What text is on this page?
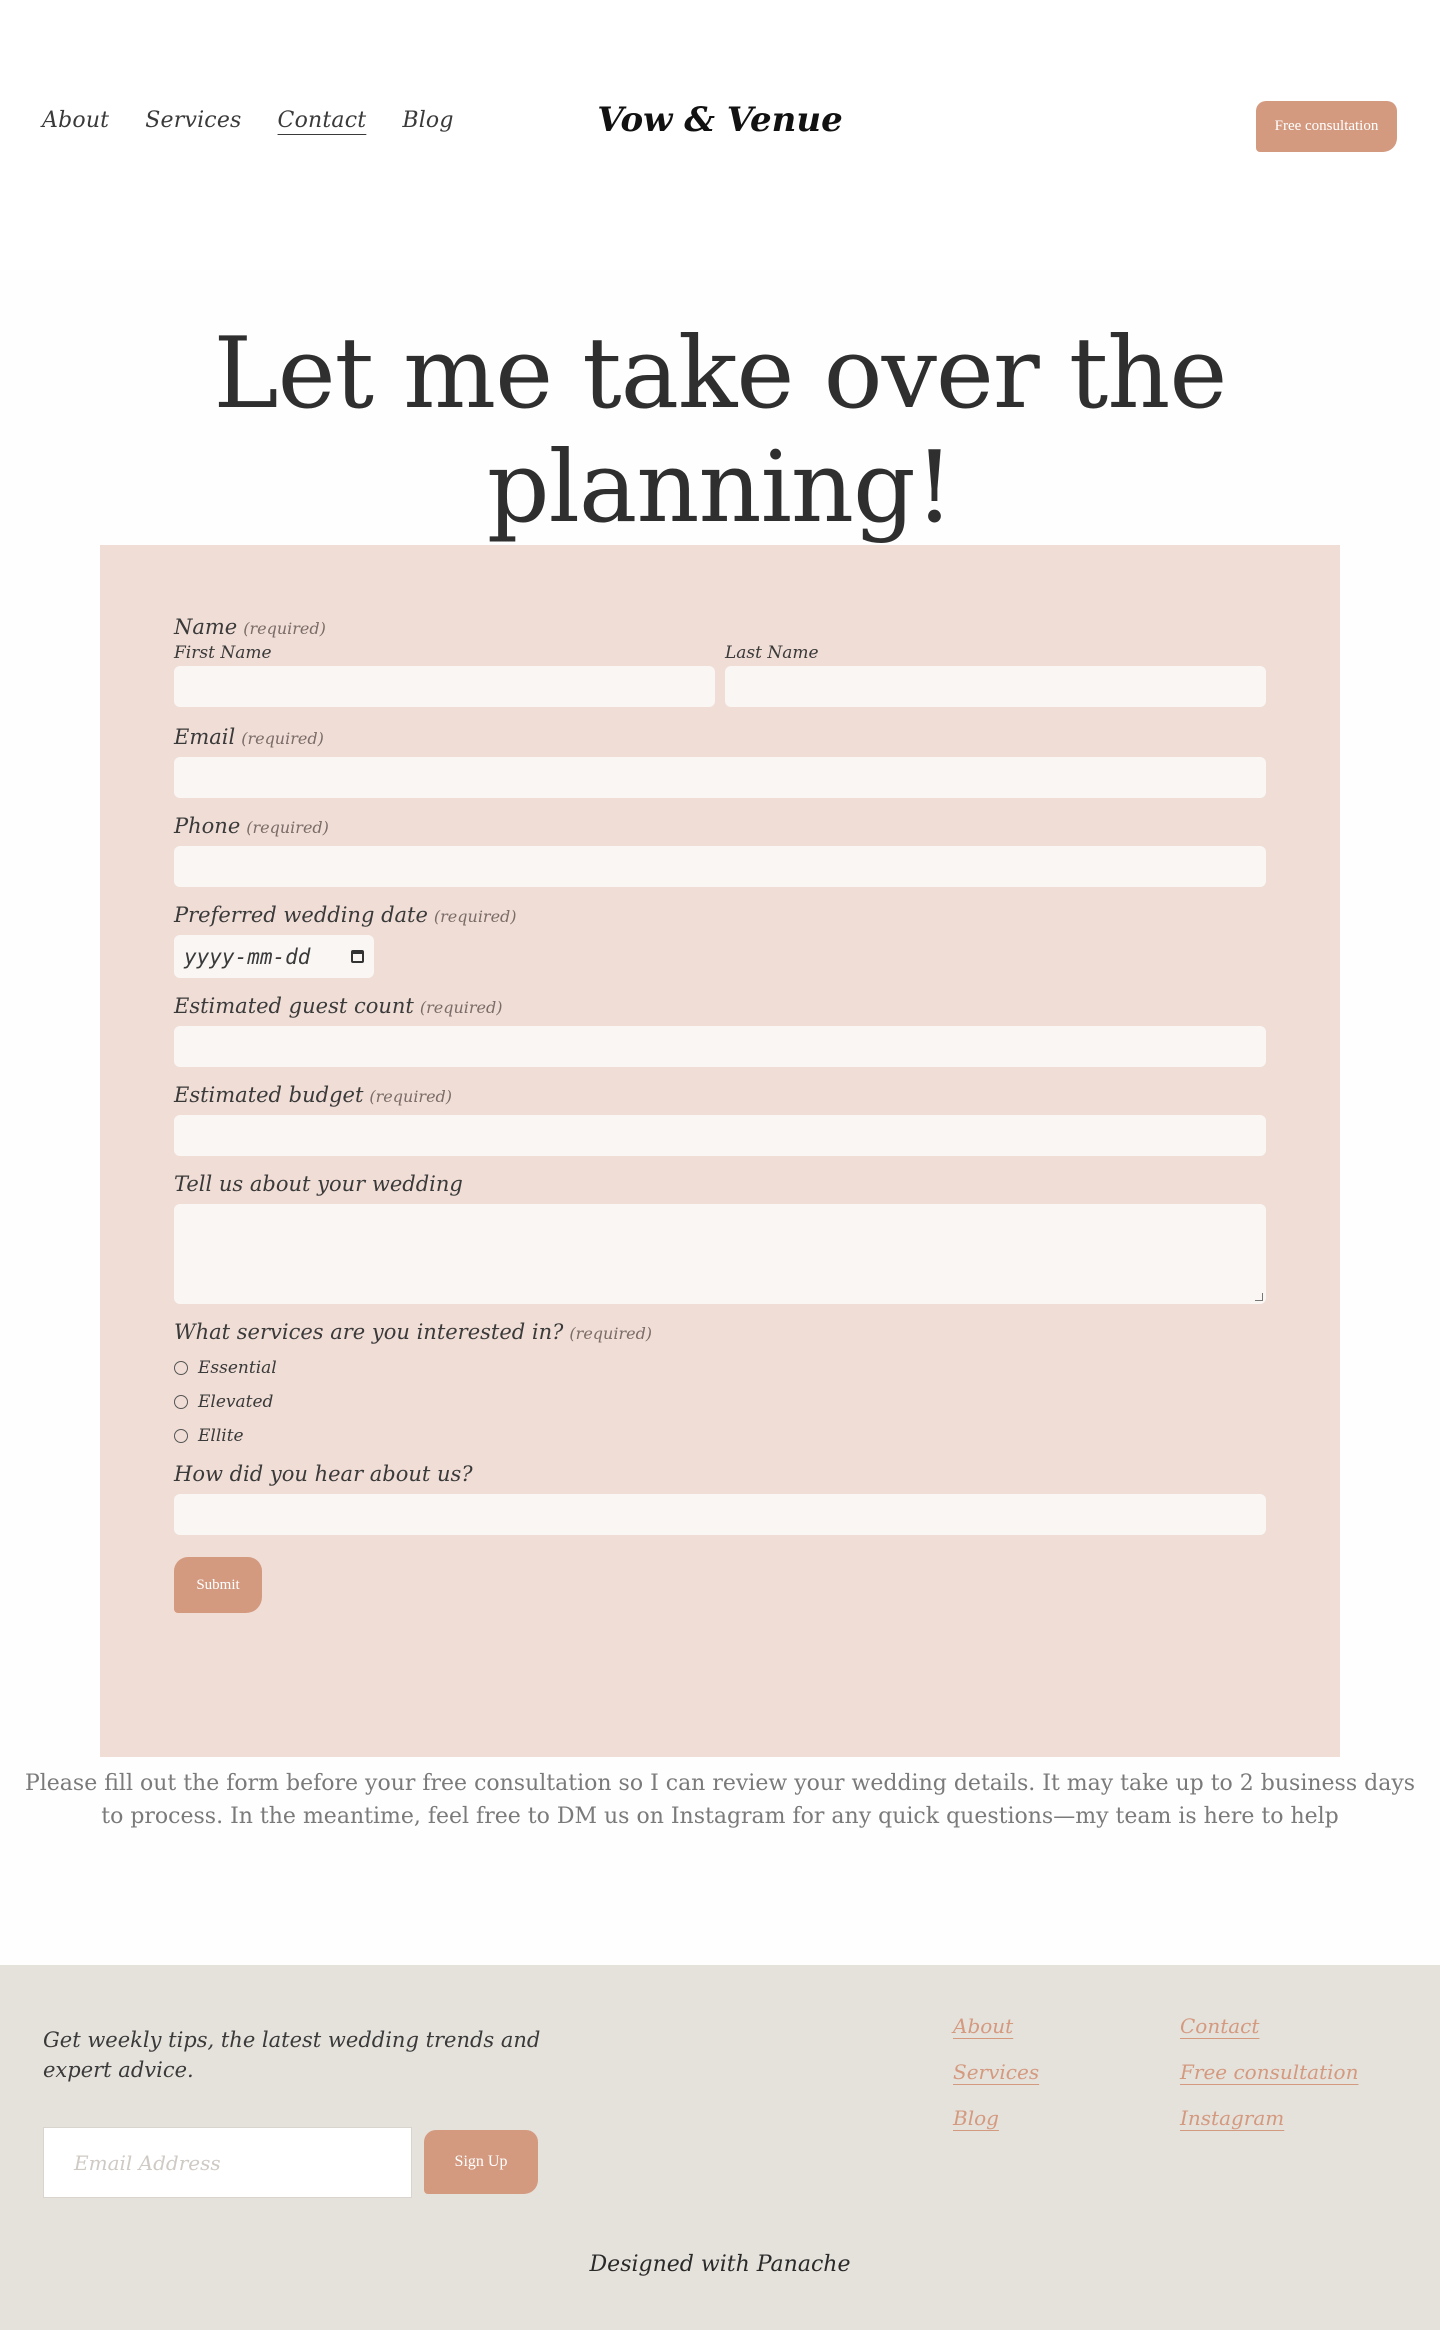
About Services Contact Blog	Vow & Venue	Free consultation
Let me take over the planning!
Name (required)
First Name	Last Name
Email (required)
Phone (required)
Preferred wedding date (required)
yyyy-mm-dd
Estimated guest count (required)
Estimated budget (required)
Tell us about your wedding
What services are you interested in? (required)
Essential
Elevated
Ellite
How did you hear about us?
Submit

Please fill out the form before your free consultation so I can review your wedding details. It may take up to 2 business days
to process. In the meantime, feel free to DM us on Instagram for any quick questions—my team is here to help

Get weekly tips, the latest wedding trends and expert advice.

Email Address	Sign Up
About
Services
Blog
Contact
Free consultation
Instagram

Designed with Panache
